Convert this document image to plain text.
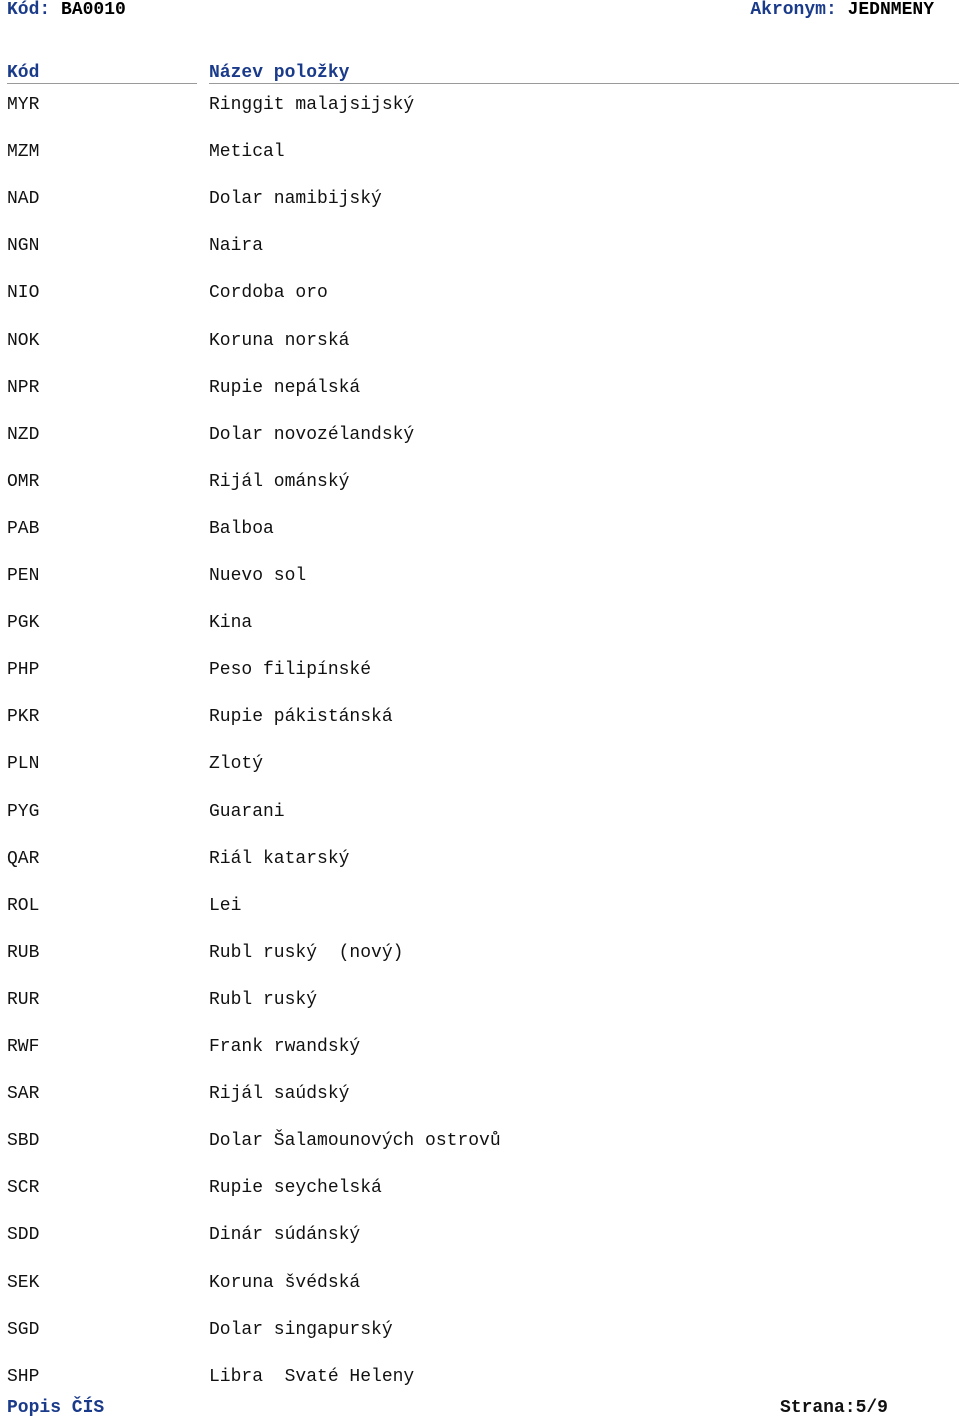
Kód: BA0010	Akronym: JEDNMENY
Kód	Název položky
MYR	Ringgit malajsijský
MZM	Metical
NAD	Dolar namibijský
NGN	Naira
NIO	Cordoba oro
NOK	Koruna norská
NPR	Rupie nepálská
NZD	Dolar novozélandský
OMR	Rijál ománský
PAB	Balboa
PEN	Nuevo sol
PGK	Kina
PHP	Peso filipínské
PKR	Rupie pákistánská
PLN	Zlotý
PYG	Guarani
QAR	Riál katarský
ROL	Lei
RUB	Rubl ruský  (nový)
RUR	Rubl ruský
RWF	Frank rwandský
SAR	Rijál saúdský
SBD	Dolar Šalamounových ostrovů
SCR	Rupie seychelská
SDD	Dinár súdánský
SEK	Koruna švédská
SGD	Dolar singapurský
SHP	Libra  Svaté Heleny
Popis ČÍS	Strana:5/9
